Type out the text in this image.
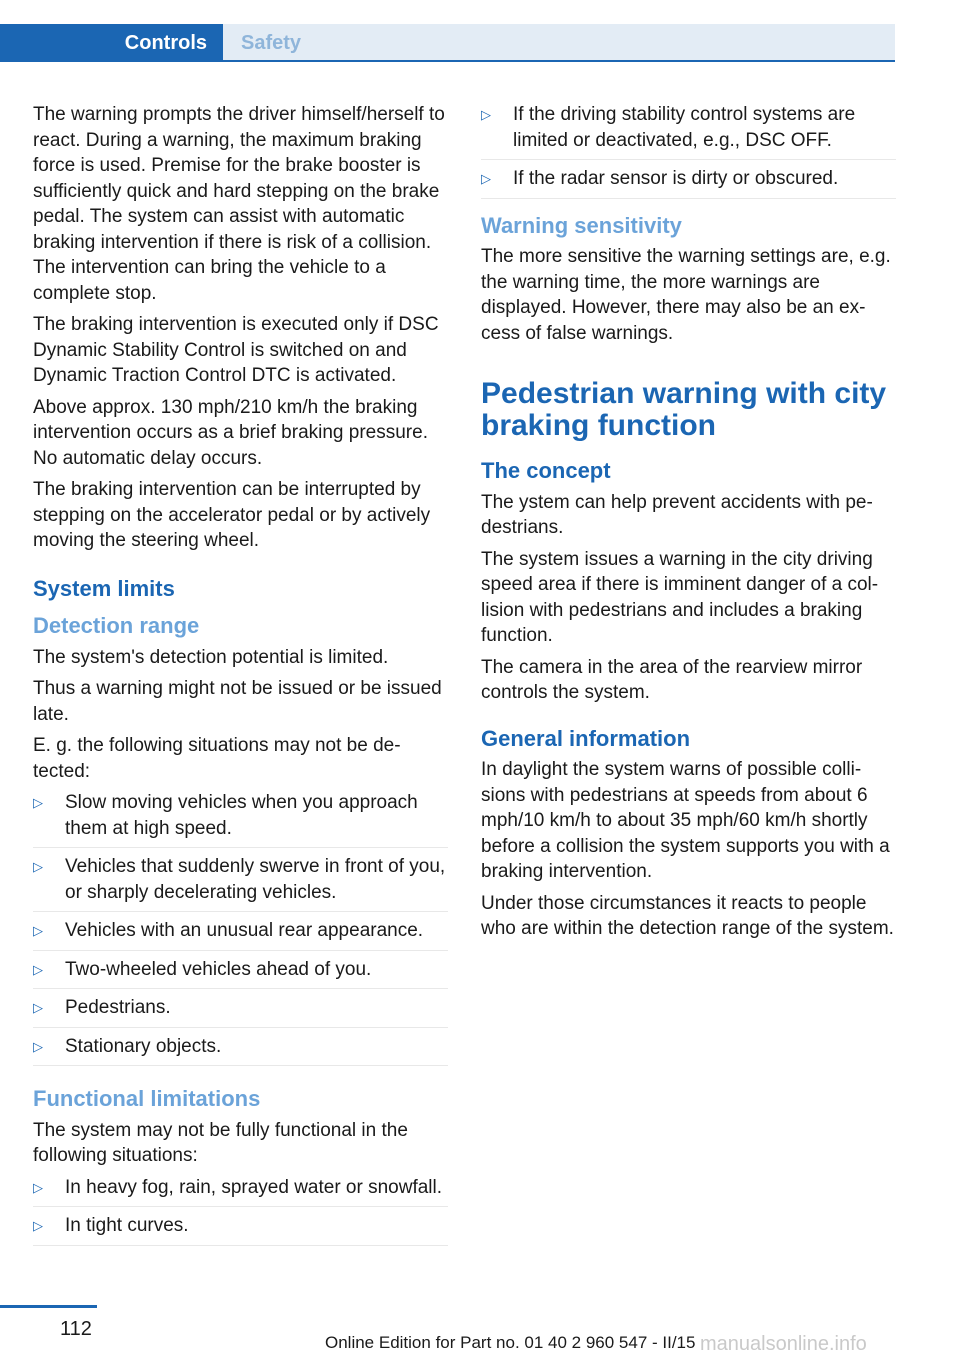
Controls	Safety

The warning prompts the driver himself/herself to react. During a warning, the maximum braking force is used. Premise for the brake booster is sufficiently quick and hard stepping on the brake pedal. The system can assist with automatic braking intervention if there is risk of a collision. The intervention can bring the vehicle to a complete stop.

The braking intervention is executed only if DSC Dynamic Stability Control is switched on and Dynamic Traction Control DTC is activated.

Above approx. 130 mph/210 km/h the braking intervention occurs as a brief braking pressure. No automatic delay occurs.

The braking intervention can be interrupted by stepping on the accelerator pedal or by actively moving the steering wheel.

System limits
Detection range

The system's detection potential is limited.

Thus a warning might not be issued or be issued late.

E. g. the following situations may not be detected:

▷ Slow moving vehicles when you approach them at high speed.
▷ Vehicles that suddenly swerve in front of you, or sharply decelerating vehicles.
▷ Vehicles with an unusual rear appearance.
▷ Two-wheeled vehicles ahead of you.
▷ Pedestrians.
▷ Stationary objects.
Functional limitations

The system may not be fully functional in the following situations:

▷ In heavy fog, rain, sprayed water or snowfall.
▷ In tight curves.
▷ If the driving stability control systems are limited or deactivated, e.g., DSC OFF.
▷ If the radar sensor is dirty or obscured.
Warning sensitivity

The more sensitive the warning settings are, e.g. the warning time, the more warnings are displayed. However, there may also be an excess of false warnings.

Pedestrian warning with city braking function
The concept

The ystem can help prevent accidents with pedestrians.

The system issues a warning in the city driving speed area if there is imminent danger of a collision with pedestrians and includes a braking function.

The camera in the area of the rearview mirror controls the system.

General information

In daylight the system warns of possible collisions with pedestrians at speeds from about 6 mph/10 km/h to about 35 mph/60 km/h shortly before a collision the system supports you with a braking intervention.

Under those circumstances it reacts to people who are within the detection range of the system.

112
Online Edition for Part no. 01 40 2 960 547 - II/15 manualsonline.info
